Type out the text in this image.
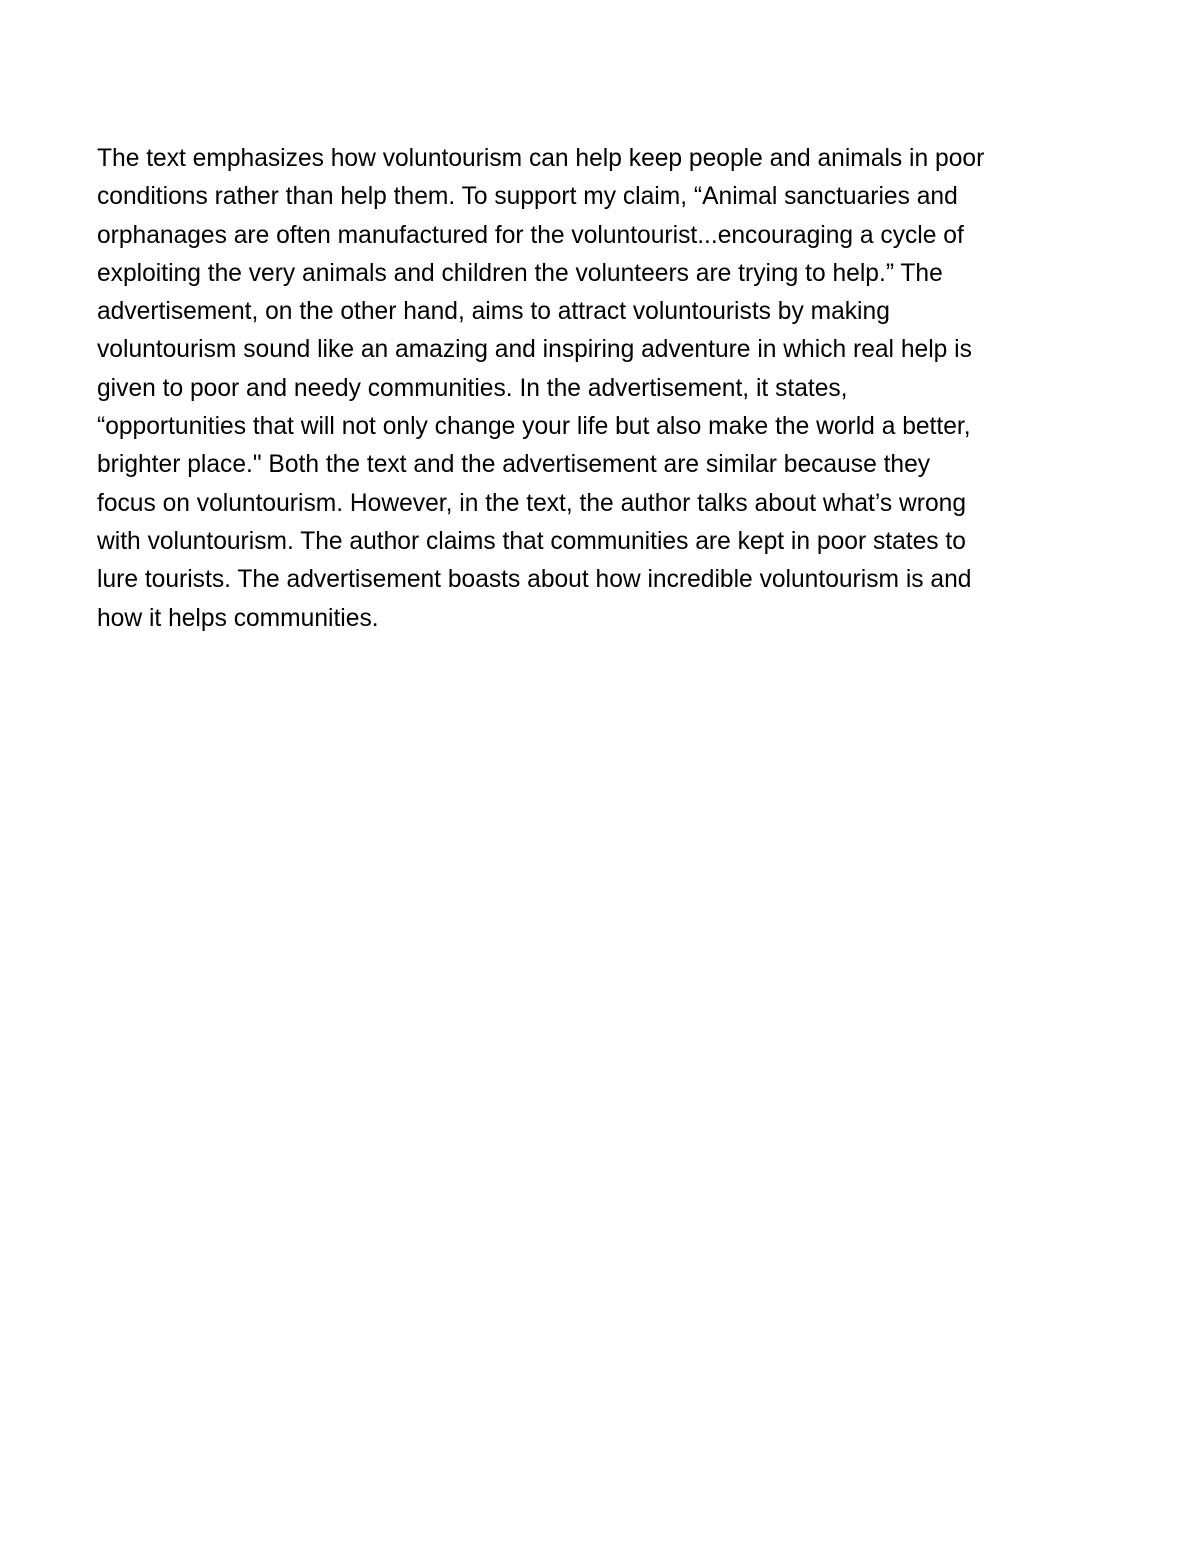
The text emphasizes how voluntourism can help keep people and animals in poor
conditions rather than help them. To support my claim, “Animal sanctuaries and
orphanages are often manufactured for the voluntourist...encouraging a cycle of
exploiting the very animals and children the volunteers are trying to help.” The
advertisement, on the other hand, aims to attract voluntourists by making
voluntourism sound like an amazing and inspiring adventure in which real help is
given to poor and needy communities. In the advertisement, it states,
“opportunities that will not only change your life but also make the world a better,
brighter place." Both the text and the advertisement are similar because they
focus on voluntourism. However, in the text, the author talks about what’s wrong
with voluntourism. The author claims that communities are kept in poor states to
lure tourists. The advertisement boasts about how incredible voluntourism is and
how it helps communities.
